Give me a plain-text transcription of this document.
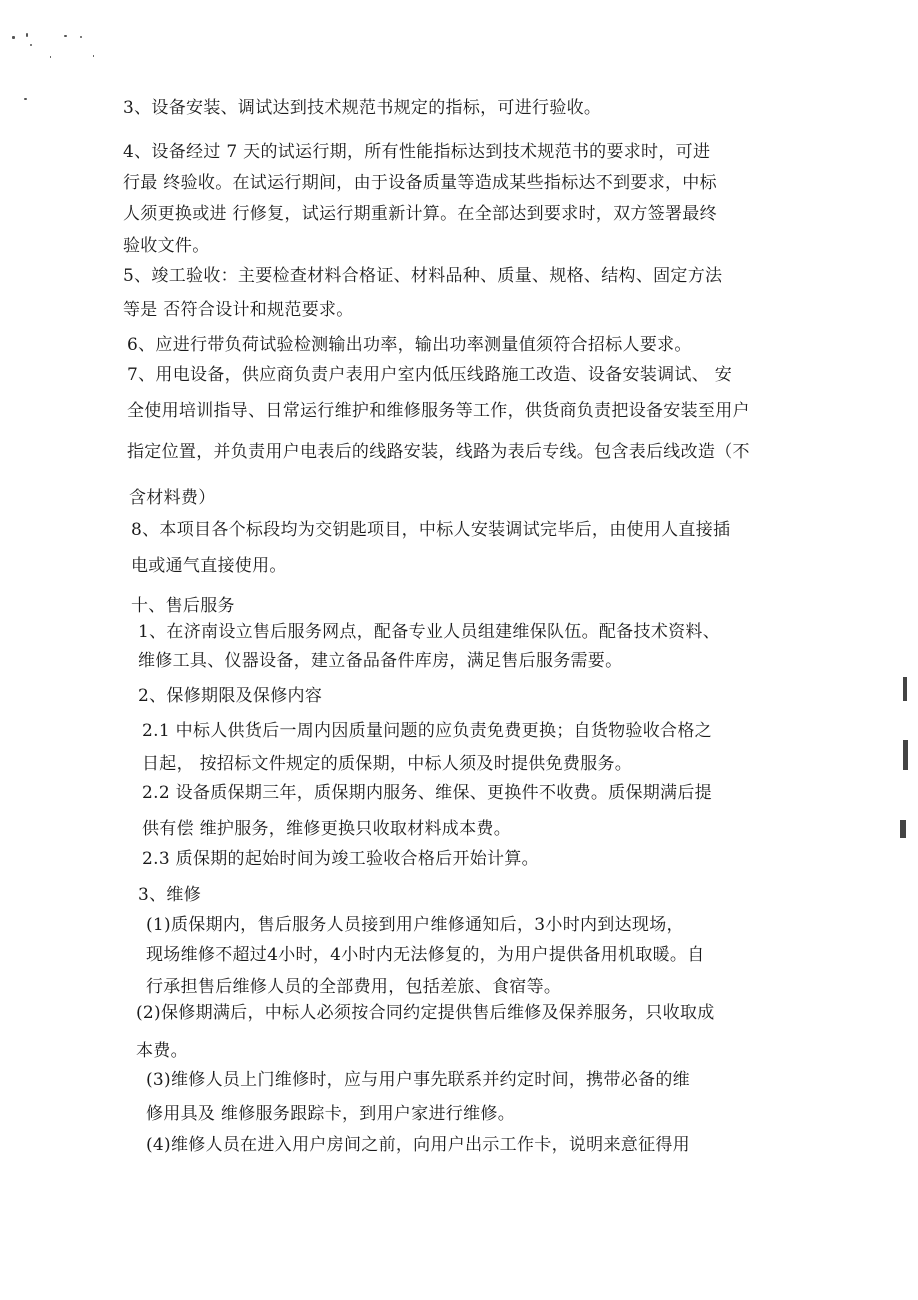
3、设备安装、调试达到技术规范书规定的指标，可进行验收。
4、设备经过 7 天的试运行期，所有性能指标达到技术规范书的要求时，可进
行最 终验收。在试运行期间，由于设备质量等造成某些指标达不到要求，中标
人须更换或进 行修复，试运行期重新计算。在全部达到要求时，双方签署最终
验收文件。
5、竣工验收：主要检查材料合格证、材料品种、质量、规格、结构、固定方法
等是 否符合设计和规范要求。
6、应进行带负荷试验检测输出功率，输出功率测量值须符合招标人要求。
7、用电设备，供应商负责户表用户室内低压线路施工改造、设备安装调试、 安
全使用培训指导、日常运行维护和维修服务等工作，供货商负责把设备安装至用户
指定位置，并负责用户电表后的线路安装，线路为表后专线。包含表后线改造（不
含材料费）
8、本项目各个标段均为交钥匙项目，中标人安装调试完毕后，由使用人直接插
电或通气直接使用。
十、售后服务
1、在济南设立售后服务网点，配备专业人员组建维保队伍。配备技术资料、
维修工具、仪器设备，建立备品备件库房，满足售后服务需要。
2、保修期限及保修内容
2.1 中标人供货后一周内因质量问题的应负责免费更换；自货物验收合格之
日起， 按招标文件规定的质保期，中标人须及时提供免费服务。
2.2 设备质保期三年，质保期内服务、维保、更换件不收费。质保期满后提
供有偿 维护服务，维修更换只收取材料成本费。
2.3 质保期的起始时间为竣工验收合格后开始计算。
3、维修
(1)质保期内，售后服务人员接到用户维修通知后，3小时内到达现场，
现场维修不超过4小时，4小时内无法修复的，为用户提供备用机取暖。自
行承担售后维修人员的全部费用，包括差旅、食宿等。
(2)保修期满后，中标人必须按合同约定提供售后维修及保养服务，只收取成
本费。
(3)维修人员上门维修时，应与用户事先联系并约定时间，携带必备的维
修用具及 维修服务跟踪卡，到用户家进行维修。
(4)维修人员在进入用户房间之前，向用户出示工作卡，说明来意征得用
